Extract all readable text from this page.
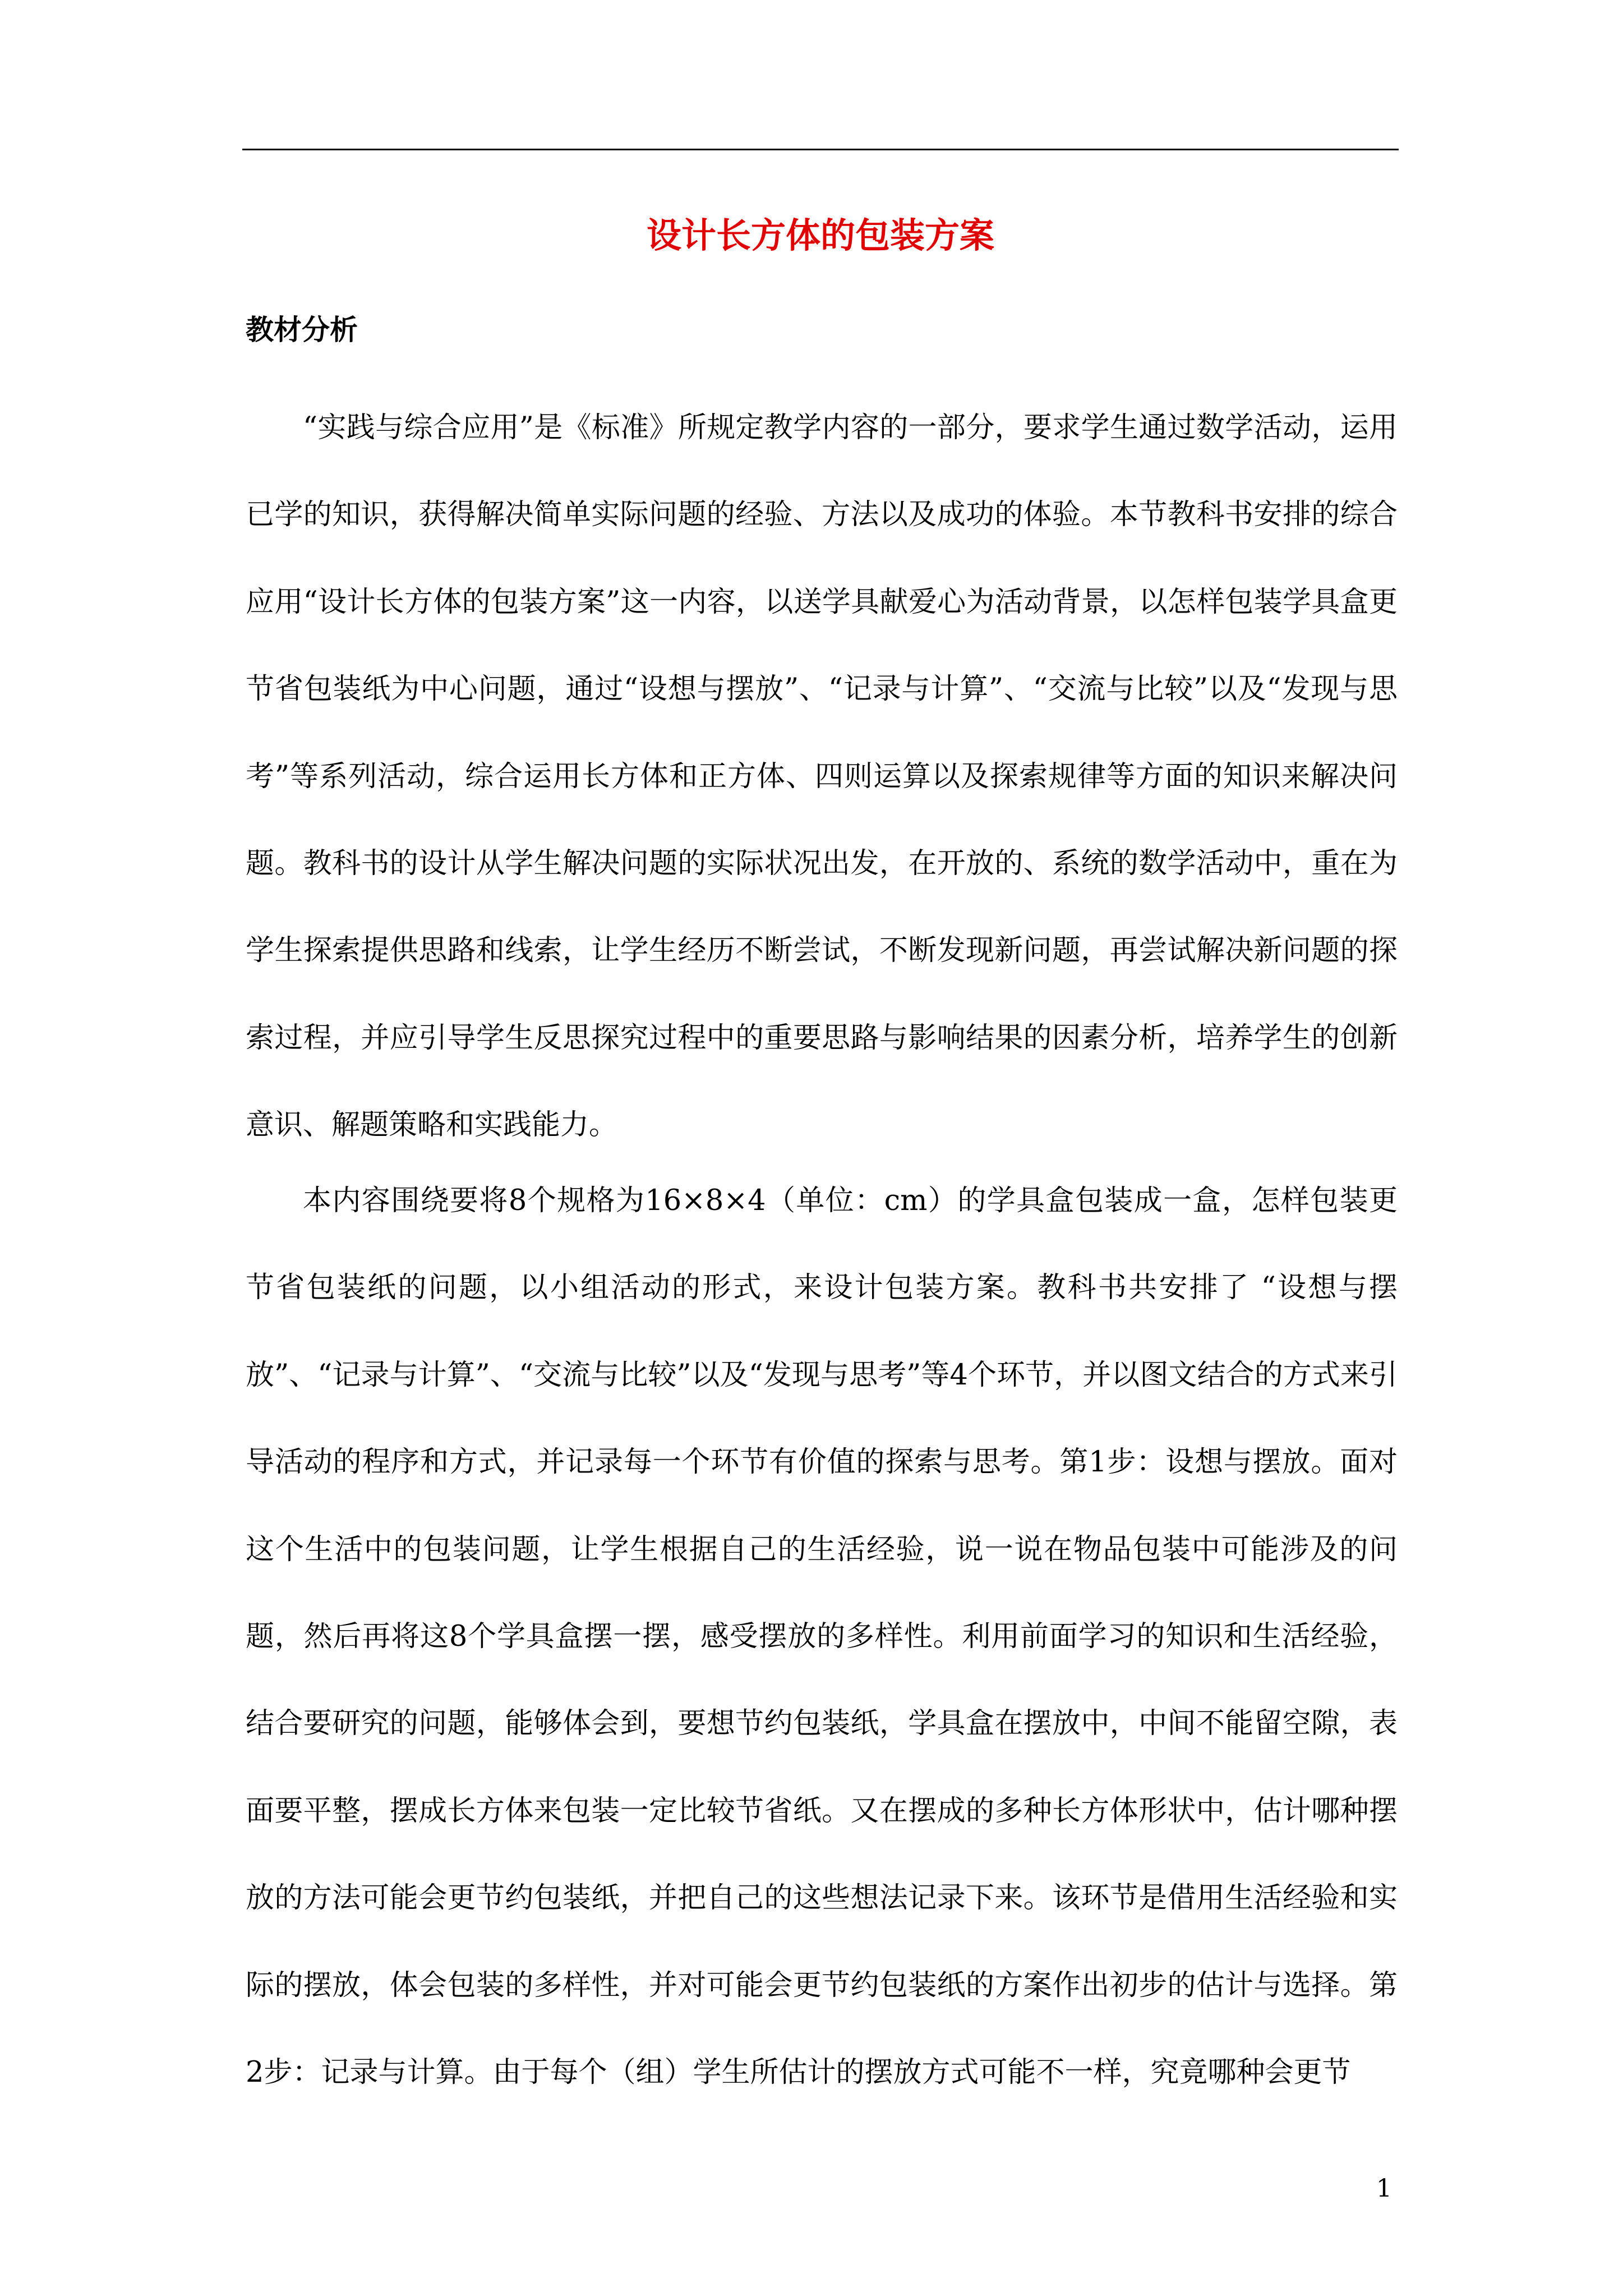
设计长方体的包装方案
教材分析

“实践与综合应用”是《标准》所规定教学内容的一部分，要求学生通过数学活动，运用已学的知识，获得解决简单实际问题的经验、方法以及成功的体验。本节教科书安排的综合应用“设计长方体的包装方案”这一内容，以送学具献爱心为活动背景，以怎样包装学具盒更节省包装纸为中心问题，通过“设想与摆放”、“记录与计算”、“交流与比较”以及“发现与思考”等系列活动，综合运用长方体和正方体、四则运算以及探索规律等方面的知识来解决问题。教科书的设计从学生解决问题的实际状况出发，在开放的、系统的数学活动中，重在为学生探索提供思路和线索，让学生经历不断尝试，不断发现新问题，再尝试解决新问题的探索过程，并应引导学生反思探究过程中的重要思路与影响结果的因素分析，培养学生的创新意识、解题策略和实践能力。

本内容围绕要将8个规格为16×8×4（单位：cm）的学具盒包装成一盒，怎样包装更节省包装纸的问题，以小组活动的形式，来设计包装方案。教科书共安排了 “设想与摆放”、“记录与计算”、“交流与比较”以及“发现与思考”等4个环节，并以图文结合的方式来引导活动的程序和方式，并记录每一个环节有价值的探索与思考。第1步：设想与摆放。面对这个生活中的包装问题，让学生根据自己的生活经验，说一说在物品包装中可能涉及的问题，然后再将这8个学具盒摆一摆，感受摆放的多样性。利用前面学习的知识和生活经验，结合要研究的问题，能够体会到，要想节约包装纸，学具盒在摆放中，中间不能留空隙，表面要平整，摆成长方体来包装一定比较节省纸。又在摆成的多种长方体形状中，估计哪种摆放的方法可能会更节约包装纸，并把自己的这些想法记录下来。该环节是借用生活经验和实际的摆放，体会包装的多样性，并对可能会更节约包装纸的方案作出初步的估计与选择。第2步：记录与计算。由于每个（组）学生所估计的摆放方式可能不一样，究竟哪种会更节

1
